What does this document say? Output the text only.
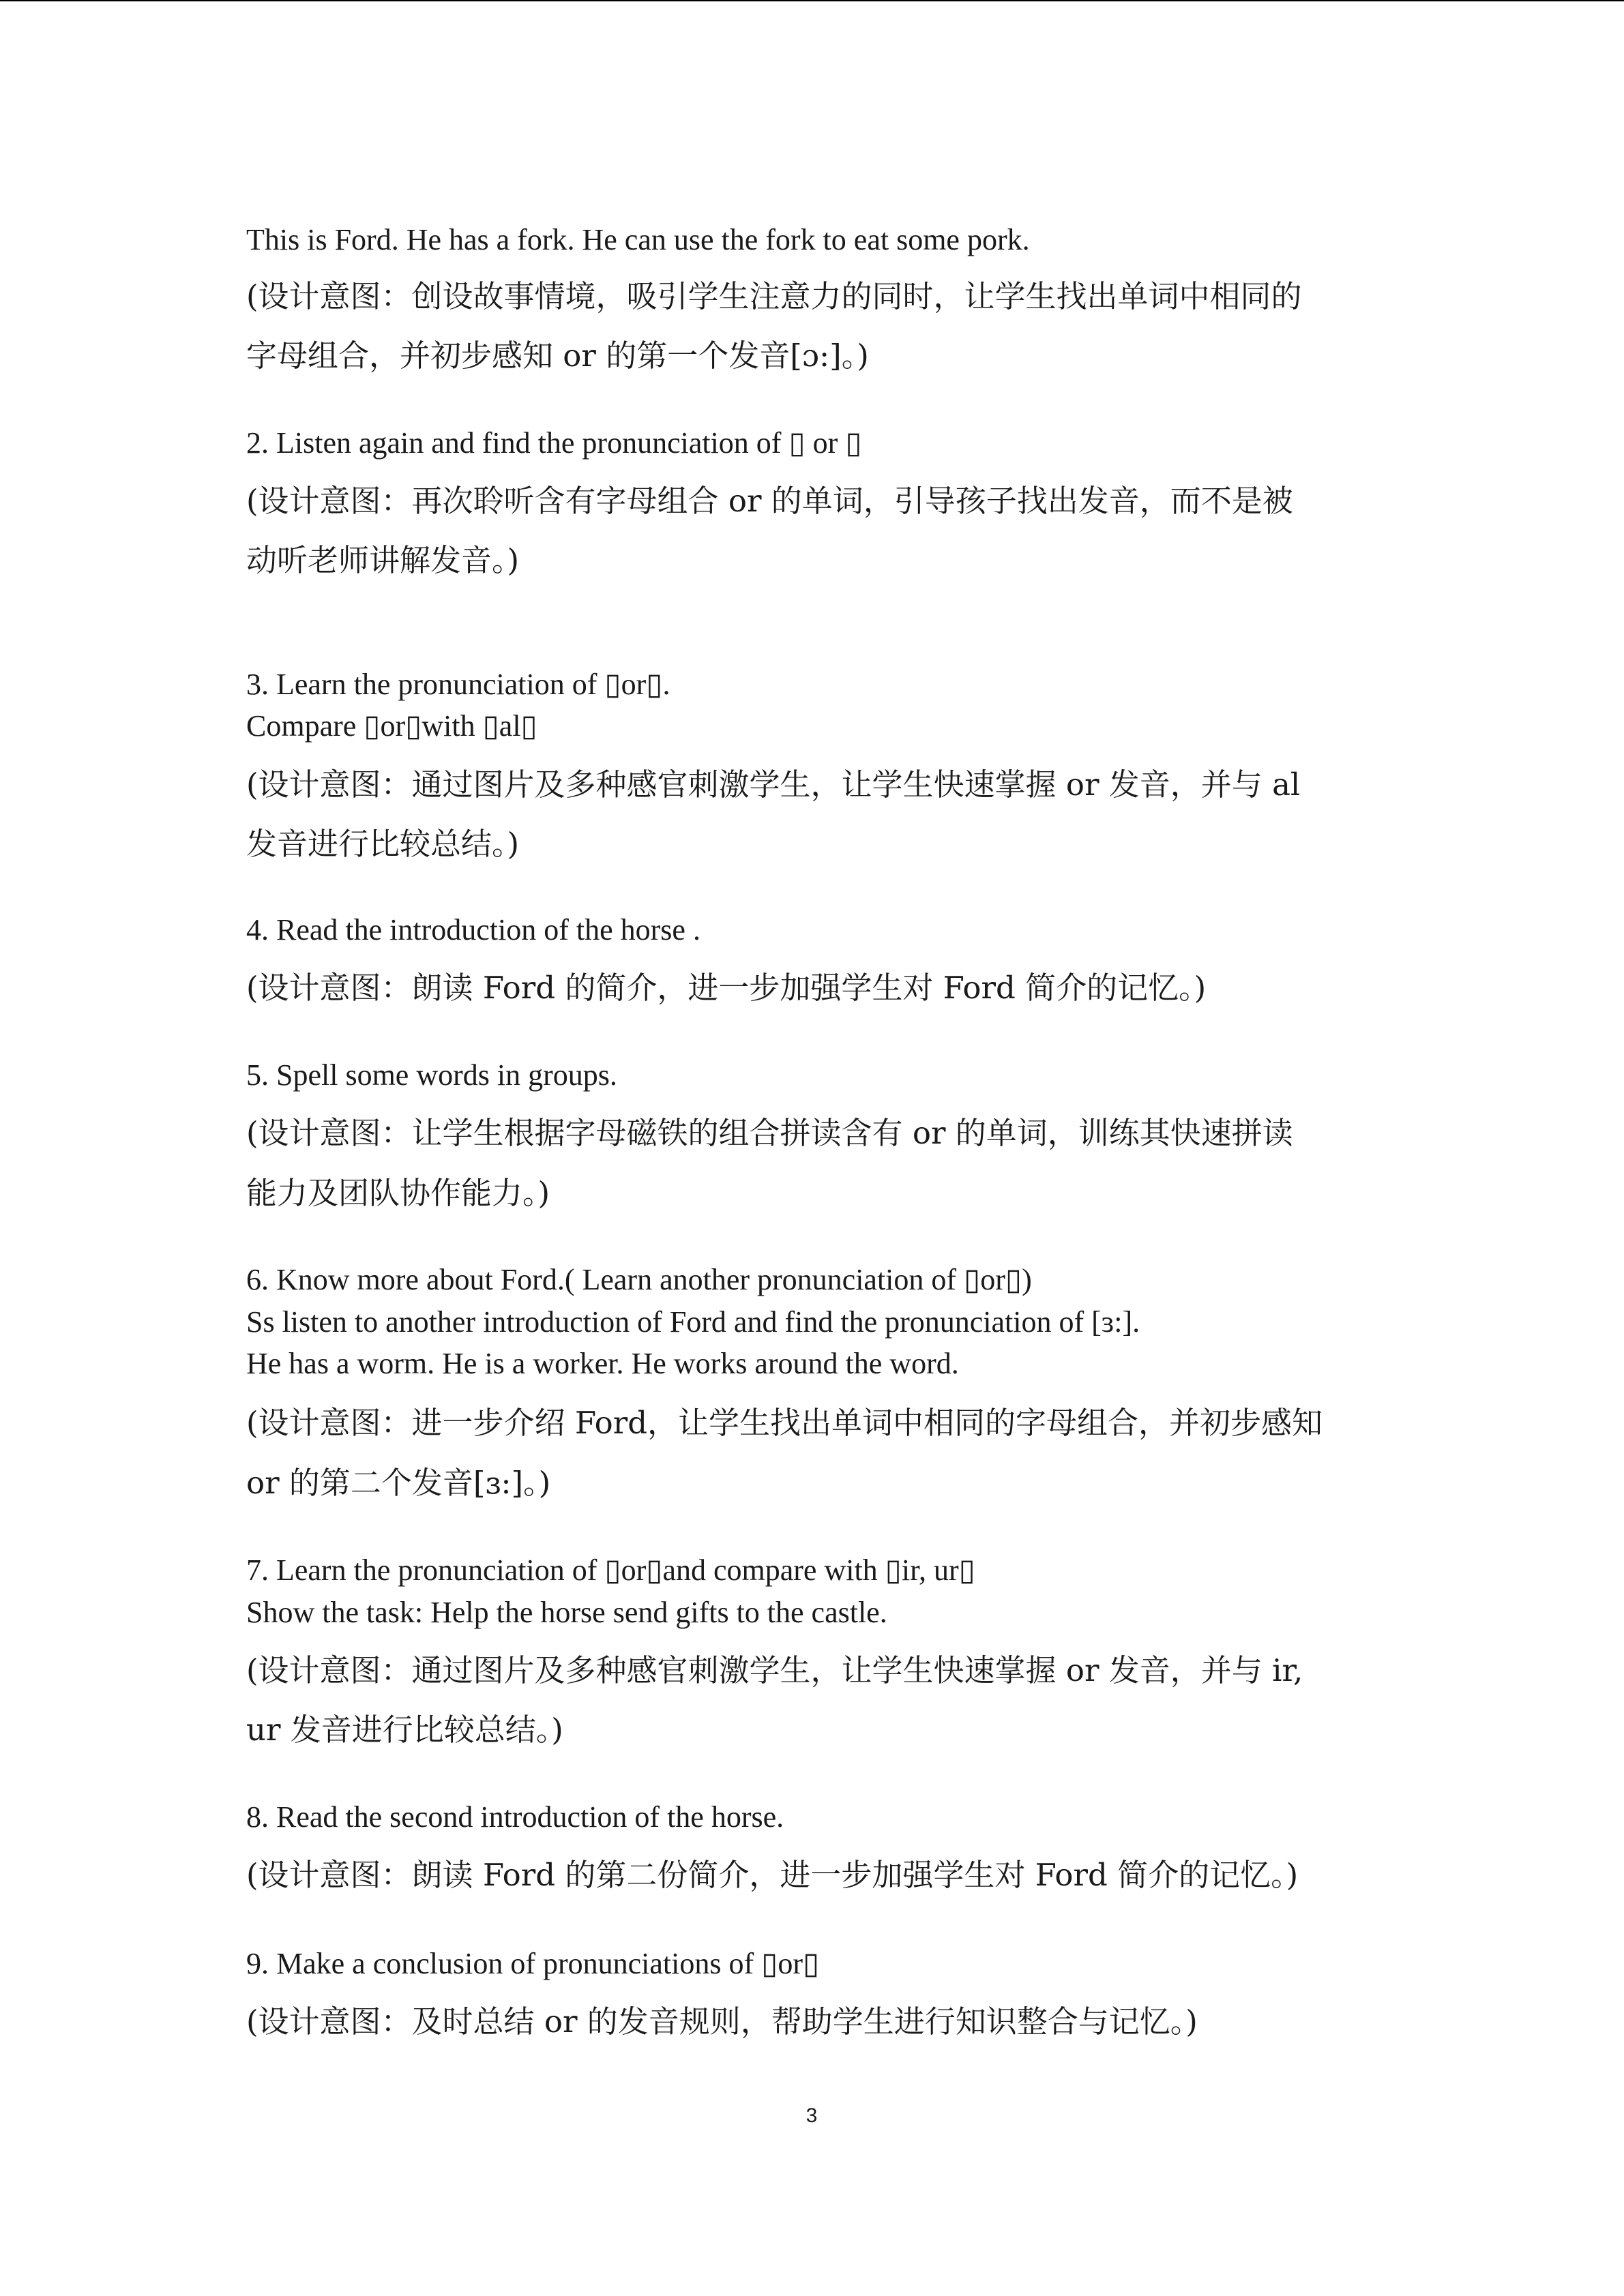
This is Ford. He has a fork. He can use the fork to eat some pork.

(设计意图：创设故事情境，吸引学生注意力的同时，让学生找出单词中相同的

字母组合，并初步感知 or 的第一个发音[ɔ:]。)

2. Listen again and find the pronunciation of ▯ or ▯

(设计意图：再次聆听含有字母组合 or 的单词，引导孩子找出发音，而不是被

动听老师讲解发音。)

3. Learn the pronunciation of ▯or▯.

Compare ▯or▯with ▯al▯

(设计意图：通过图片及多种感官刺激学生，让学生快速掌握 or 发音，并与 al

发音进行比较总结。)

4. Read the introduction of the horse .

(设计意图：朗读 Ford 的简介，进一步加强学生对 Ford 简介的记忆。)

5. Spell some words in groups.

(设计意图：让学生根据字母磁铁的组合拼读含有 or 的单词，训练其快速拼读

能力及团队协作能力。)

6. Know more about Ford.( Learn another pronunciation of ▯or▯)

Ss listen to another introduction of Ford and find the pronunciation of [ɜ:].

He has a worm. He is a worker. He works around the word.

(设计意图：进一步介绍 Ford，让学生找出单词中相同的字母组合，并初步感知

or 的第二个发音[ɜ:]。)

7. Learn the pronunciation of ▯or▯and compare with ▯ir, ur▯

Show the task: Help the horse send gifts to the castle.

(设计意图：通过图片及多种感官刺激学生，让学生快速掌握 or 发音，并与 ir,

ur 发音进行比较总结。)

8. Read the second introduction of the horse.

(设计意图：朗读 Ford 的第二份简介，进一步加强学生对 Ford 简介的记忆。)

9. Make a conclusion of pronunciations of ▯or▯

(设计意图：及时总结 or 的发音规则，帮助学生进行知识整合与记忆。)

3
